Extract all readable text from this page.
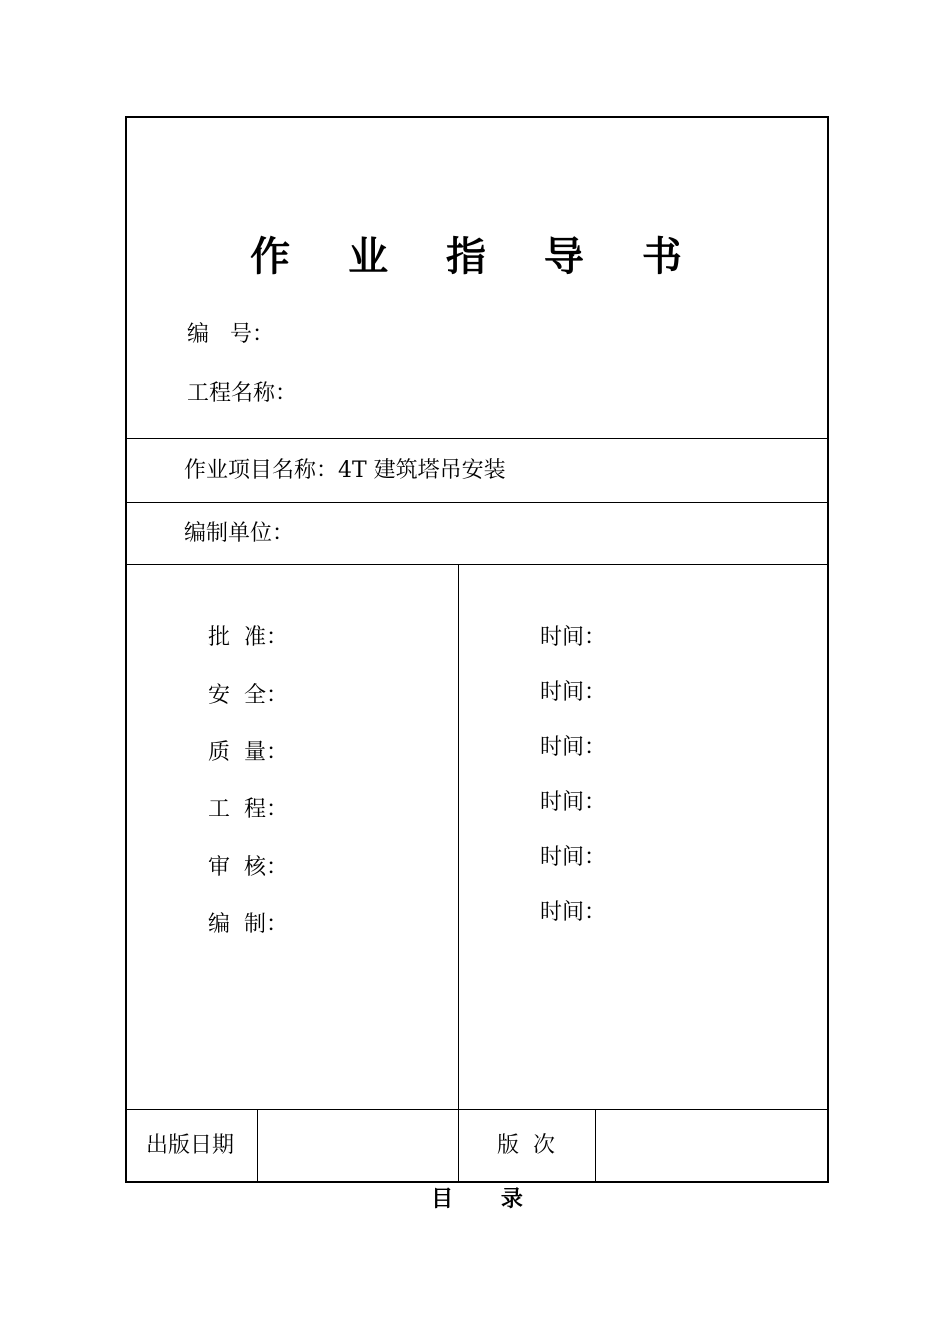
作 业 指 导 书
编   号：
工程名称：
作业项目名称：4T 建筑塔吊安装
编制单位：
批  准：
安  全：
质  量：
工  程：
审  核：
编  制：
时间：
时间：
时间：
时间：
时间：
时间：
出版日期	版  次
目 录
